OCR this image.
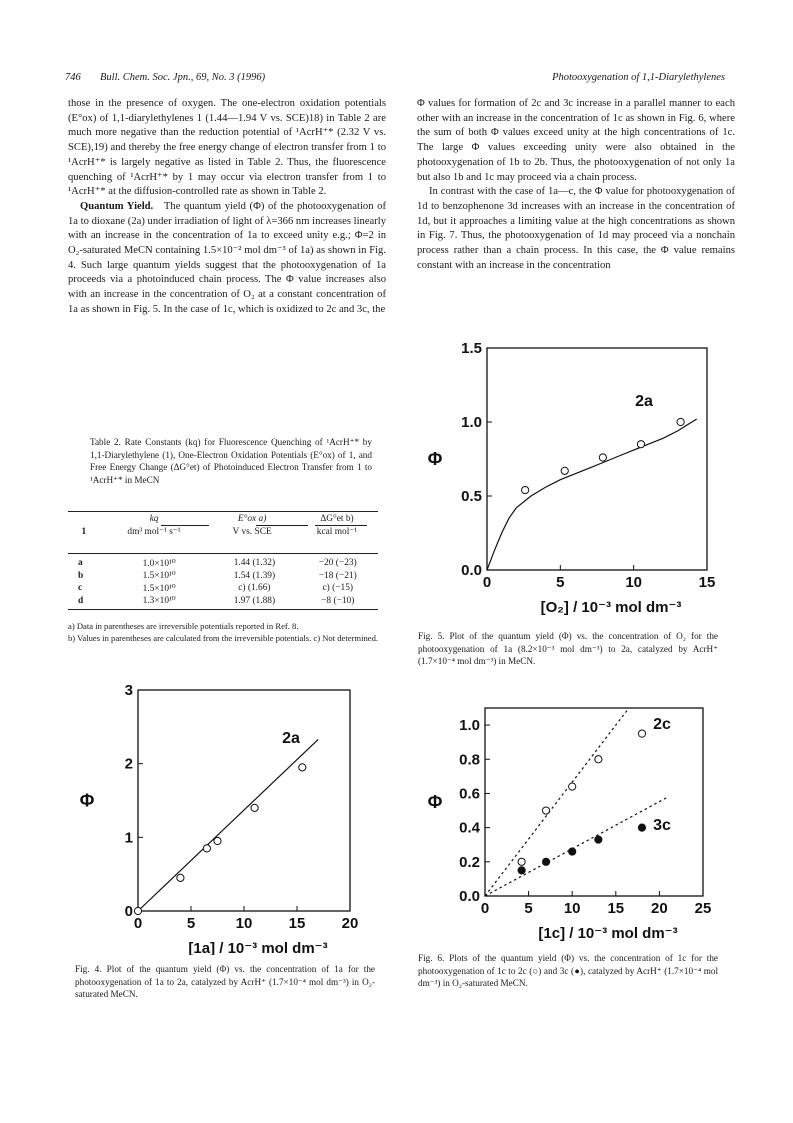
746 Bull. Chem. Soc. Jpn., 69, No. 3 (1996)	Photooxygenation of 1,1-Diarylethylenes

those in the presence of oxygen. The one-electron oxidation potentials (E°ox) of 1,1-diarylethylenes 1 (1.44—1.94 V vs. SCE)18) in Table 2 are much more negative than the reduction potential of ¹AcrH⁺* (2.32 V vs. SCE),19) and thereby the free energy change of electron transfer from 1 to ¹AcrH⁺* is largely negative as listed in Table 2. Thus, the fluorescence quenching of ¹AcrH⁺* by 1 may occur via electron transfer from 1 to ¹AcrH⁺* at the diffusion-controlled rate as shown in Table 2.

Quantum Yield. The quantum yield (Φ) of the photooxygenation of 1a to dioxane (2a) under irradiation of light of λ=366 nm increases linearly with an increase in the concentration of 1a to exceed unity e.g.; Φ=2 in O₂-saturated MeCN containing 1.5×10⁻² mol dm⁻³ of 1a) as shown in Fig. 4. Such large quantum yields suggest that the photooxygenation of 1a proceeds via a photoinduced chain process. The Φ value increases also with an increase in the concentration of O₂ at a constant concentration of 1a as shown in Fig. 5. In the case of 1c, which is oxidized to 2c and 3c, the

Φ values for formation of 2c and 3c increase in a parallel manner to each other with an increase in the concentration of 1c as shown in Fig. 6, where the sum of both Φ values exceed unity at the high concentrations of 1c. The large Φ values exceeding unity were also obtained in the photooxygenation of 1b to 2b. Thus, the photooxygenation of not only 1a but also 1b and 1c may proceed via a chain process.

In contrast with the case of 1a—c, the Φ value for photooxygenation of 1d to benzophenone 3d increases with an increase in the concentration of 1d, but it approaches a limiting value at the high concentrations as shown in Fig. 7. Thus, the photooxygenation of 1d may proceed via a nonchain process rather than a chain process. In this case, the Φ value remains constant with an increase in the concentration

Table 2. Rate Constants (kq) for Fluorescence Quenching of ¹AcrH⁺* by 1,1-Diarylethylene (1), One-Electron Oxidation Potentials (E°ox) of 1, and Free Energy Change (ΔG°et) of Photoinduced Electron Transfer from 1 to ¹AcrH⁺* in MeCN
	kq	E°ox a)	ΔG°et b)
1	dm³ mol⁻¹ s⁻¹	V vs. SCE	kcal mol⁻¹
a	1.0×10¹⁰	1.44 (1.32)	−20 (−23)
b	1.5×10¹⁰	1.54 (1.39)	−18 (−21)
c	1.5×10¹⁰	c) (1.66)	c) (−15)
d	1.3×10¹⁰	1.97 (1.88)	−8 (−10)
a) Data in parentheses are irreversible potentials reported in Ref. 8.
b) Values in parentheses are calculated from the irreversible potentials. c) Not determined.
0	5	10 15 20
0
1
2
3
[1a] / 10⁻³ mol dm⁻³
Φ
2a
Fig. 4. Plot of the quantum yield (Φ) vs. the concentration of 1a for the photooxygenation of 1a to 2a, catalyzed by AcrH⁺ (1.7×10⁻⁴ mol dm⁻³) in O₂-saturated MeCN.
0	5	10	15
0.0
0.5
1.0
1.5
[O₂] / 10⁻³ mol dm⁻³
Φ
2a
Fig. 5. Plot of the quantum yield (Φ) vs. the concentration of O₂ for the photooxygenation of 1a (8.2×10⁻³ mol dm⁻³) to 2a, catalyzed by AcrH⁺ (1.7×10⁻⁴ mol dm⁻³) in MeCN.
0 5 10 15 20 25
0.0
0.2
0.4
0.6
0.8
1.0
[1c] / 10⁻³ mol dm⁻³
Φ
2c
3c
Fig. 6. Plots of the quantum yield (Φ) vs. the concentration of 1c for the photooxygenation of 1c to 2c (○) and 3c (●), catalyzed by AcrH⁺ (1.7×10⁻⁴ mol dm⁻³) in O₂-saturated MeCN.
